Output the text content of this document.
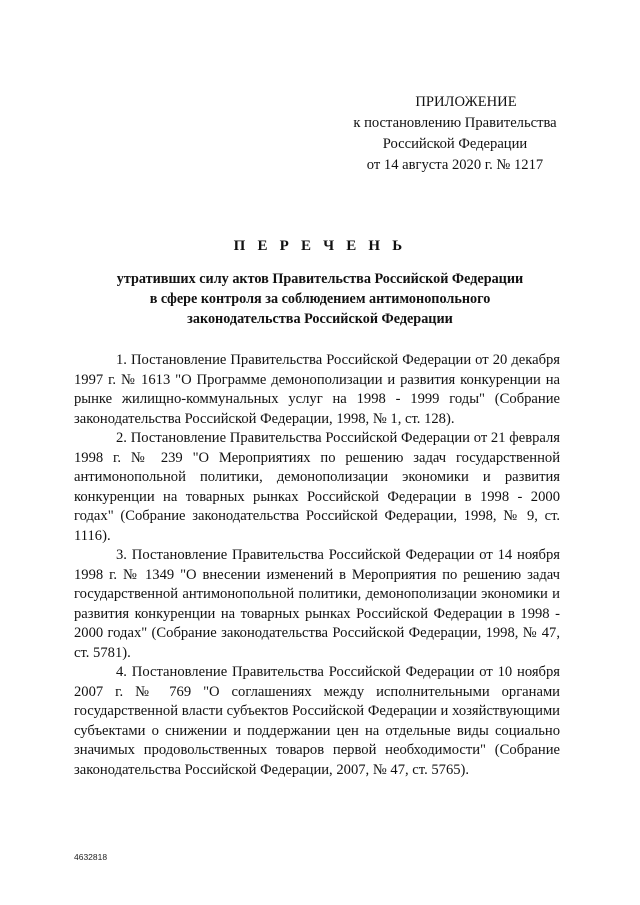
ПРИЛОЖЕНИЕ
к постановлению Правительства
Российской Федерации
от 14 августа 2020 г. № 1217
П Е Р Е Ч Е Н Ь
утративших силу актов Правительства Российской Федерации
в сфере контроля за соблюдением антимонопольного
законодательства Российской Федерации

1. Постановление Правительства Российской Федерации от 20 декабря 1997 г. № 1613 "О Программе демонополизации и развития конкуренции на рынке жилищно-коммунальных услуг на 1998 - 1999 годы" (Собрание законодательства Российской Федерации, 1998, № 1, ст. 128).

2. Постановление Правительства Российской Федерации от 21 февраля 1998 г. № 239 "О Мероприятиях по решению задач государственной антимонопольной политики, демонополизации экономики и развития конкуренции на товарных рынках Российской Федерации в 1998 - 2000 годах" (Собрание законодательства Российской Федерации, 1998, № 9, ст. 1116).

3. Постановление Правительства Российской Федерации от 14 ноября 1998 г. № 1349 "О внесении изменений в Мероприятия по решению задач государственной антимонопольной политики, демонополизации экономики и развития конкуренции на товарных рынках Российской Федерации в 1998 - 2000 годах" (Собрание законодательства Российской Федерации, 1998, № 47, ст. 5781).

4. Постановление Правительства Российской Федерации от 10 ноября 2007 г. № 769 "О соглашениях между исполнительными органами государственной власти субъектов Российской Федерации и хозяйствующими субъектами о снижении и поддержании цен на отдельные виды социально значимых продовольственных товаров первой необходимости" (Собрание законодательства Российской Федерации, 2007, № 47, ст. 5765).

4632818
